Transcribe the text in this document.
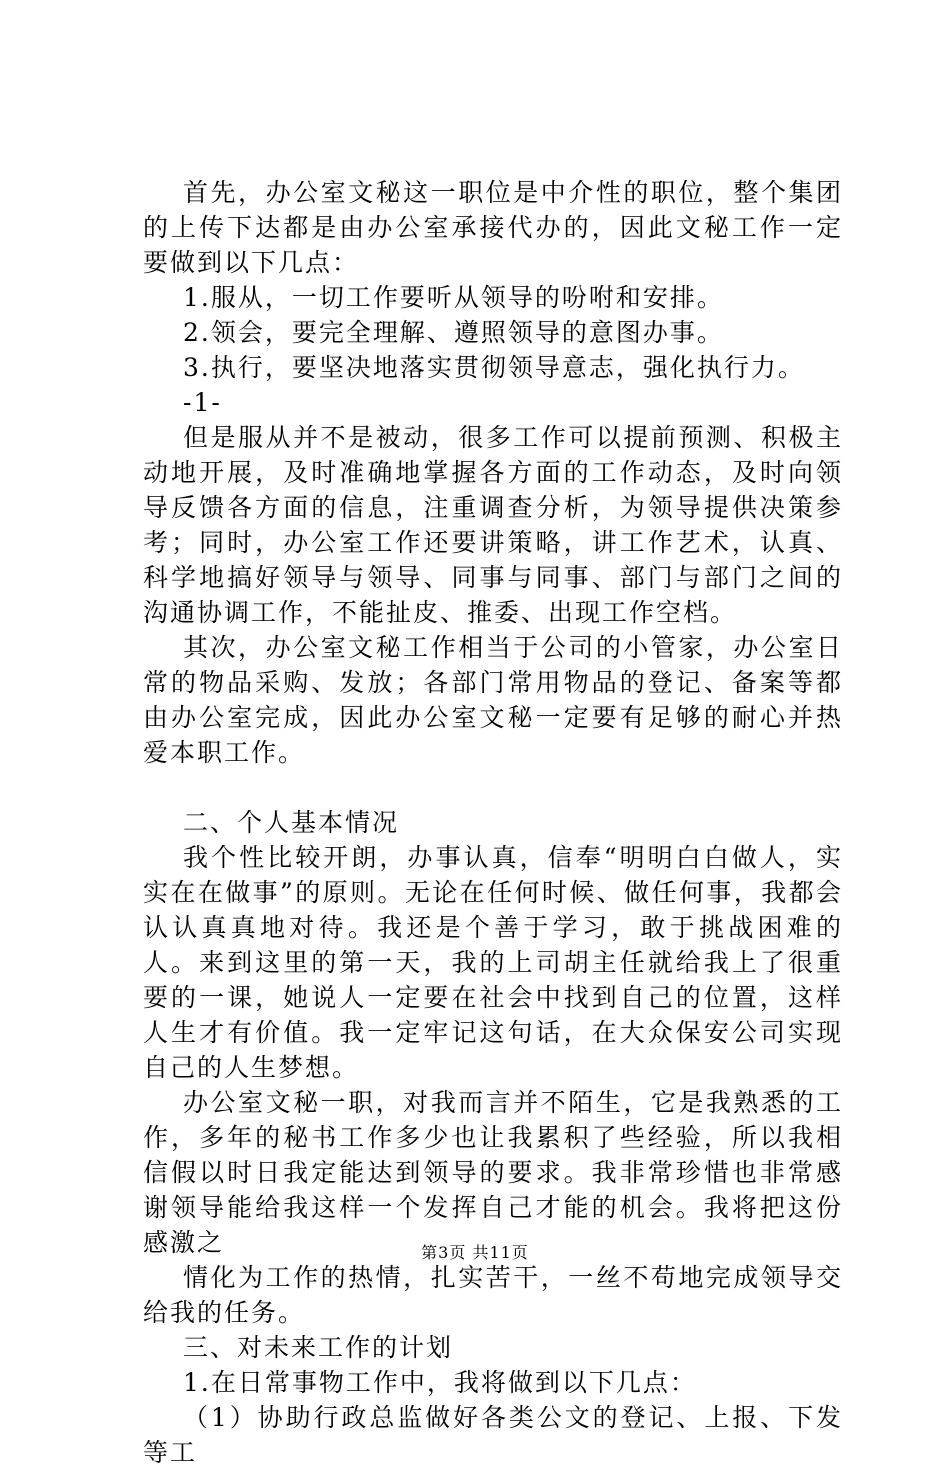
首先，办公室文秘这一职位是中介性的职位，整个集团的上传下达都是由办公室承接代办的，因此文秘工作一定要做到以下几点：

1.服从，一切工作要听从领导的吩咐和安排。

2.领会，要完全理解、遵照领导的意图办事。

3.执行，要坚决地落实贯彻领导意志，强化执行力。

-1-

但是服从并不是被动，很多工作可以提前预测、积极主动地开展，及时准确地掌握各方面的工作动态，及时向领导反馈各方面的信息，注重调查分析，为领导提供决策参考；同时，办公室工作还要讲策略，讲工作艺术，认真、科学地搞好领导与领导、同事与同事、部门与部门之间的沟通协调工作，不能扯皮、推委、出现工作空档。

其次，办公室文秘工作相当于公司的小管家，办公室日常的物品采购、发放；各部门常用物品的登记、备案等都由办公室完成，因此办公室文秘一定要有足够的耐心并热爱本职工作。

二、个人基本情况

我个性比较开朗，办事认真，信奉“明明白白做人，实实在在做事”的原则。无论在任何时候、做任何事，我都会认认真真地对待。我还是个善于学习，敢于挑战困难的人。来到这里的第一天，我的上司胡主任就给我上了很重要的一课，她说人一定要在社会中找到自己的位置，这样人生才有价值。我一定牢记这句话，在大众保安公司实现自己的人生梦想。

办公室文秘一职，对我而言并不陌生，它是我熟悉的工作，多年的秘书工作多少也让我累积了些经验，所以我相信假以时日我定能达到领导的要求。我非常珍惜也非常感谢领导能给我这样一个发挥自己才能的机会。我将把这份感激之

情化为工作的热情，扎实苦干，一丝不苟地完成领导交给我的任务。

三、对未来工作的计划

1.在日常事物工作中，我将做到以下几点：

（1）协助行政总监做好各类公文的登记、上报、下发等工

第3页 共11页
